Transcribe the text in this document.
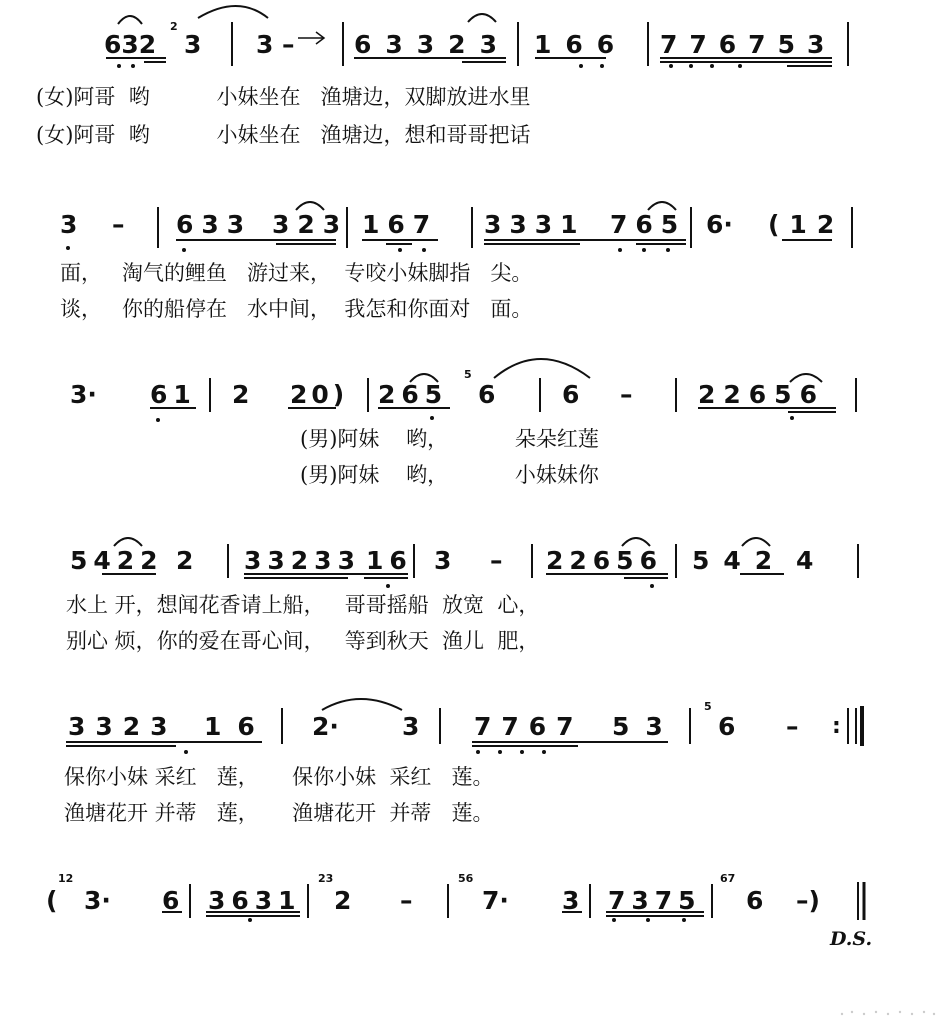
632
2
3 3 – 63323 166 776753
(女)阿哥  哟          小妹坐在   渔塘边，双脚放进水里
(女)阿哥  哟          小妹坐在   渔塘边，想和哥哥把话
3 – 633 323 167 3331 765 6· (12
面，   淘气的鲤鱼   游过来，  专咬小妹脚指   尖。
谈，   你的船停在   水中间，  我怎和你面对   面。
3· 61 2 20) 265
5
6	6 –	22656
(男)阿妹    哟，          朵朵红莲
(男)阿妹    哟，          小妹妹你
5422 2 33233 16 3 – 22656 542 4
水上 开，想闻花香请上船，   哥哥摇船  放宽  心，
别心 烦，你的爱在哥心间，   等到秋天  渔儿  肥，
3323 16 2·	3 7767 53
5
6 – :
保你小妹 采红   莲，     保你小妹  采红   莲。
渔塘花开 并蒂   莲，     渔塘花开  并蒂   莲。
(
12
3· 6 3631
23
2 –
56
7· 3 7375
67
6 –)
D.S.
